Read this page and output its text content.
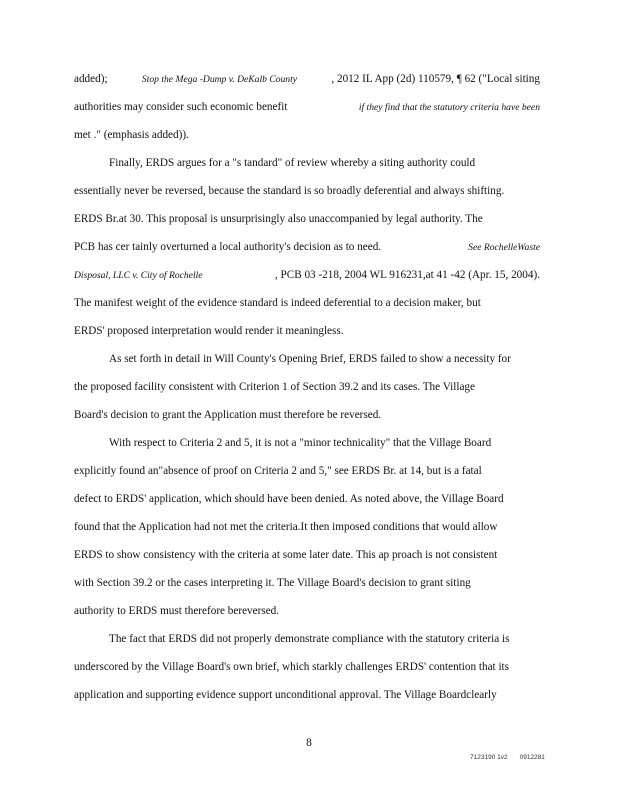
added);	Stop the Mega -Dump v. DeKalb County	, 2012 IL App (2d) 110579, ¶ 62 ("Local siting
authorities may consider such economic benefit	if they find that the statutory criteria have been
met ." (emphasis added)).
Finally, ERDS argues for a "s tandard" of review whereby a siting authority could
essentially never be reversed, because the standard is so broadly deferential and always shifting.
ERDS Br.at 30. This proposal is unsurprisingly also unaccompanied by legal authority. The
PCB has cer tainly overturned a local authority's decision as to need.	See RochelleWaste
Disposal, LLC v. City of Rochelle	, PCB 03 -218, 2004 WL 916231,at 41 -42 (Apr. 15, 2004).
The manifest weight of the evidence standard is indeed deferential to a decision maker, but
ERDS' proposed interpretation would render it meaningless.
As set forth in detail in Will County's Opening Brief, ERDS failed to show a necessity for
the proposed facility consistent with Criterion 1 of Section 39.2 and its cases. The Village
Board's decision to grant the Application must therefore be reversed.
With respect to Criteria 2 and 5, it is not a "minor technicality" that the Village Board
explicitly found an"absence of proof on Criteria 2 and 5," see ERDS Br. at 14, but is a fatal
defect to ERDS' application, which should have been denied. As noted above, the Village Board
found that the Application had not met the criteria.It then imposed conditions that would allow
ERDS to show consistency with the criteria at some later date. This ap proach is not consistent
with Section 39.2 or the cases interpreting it. The Village Board's decision to grant siting
authority to ERDS must therefore bereversed.
The fact that ERDS did not properly demonstrate compliance with the statutory criteria is
underscored by the Village Board's own brief, which starkly challenges ERDS' contention that its
application and supporting evidence support unconditional approval. The Village Boardclearly
8
7123190 1v2 0912281
